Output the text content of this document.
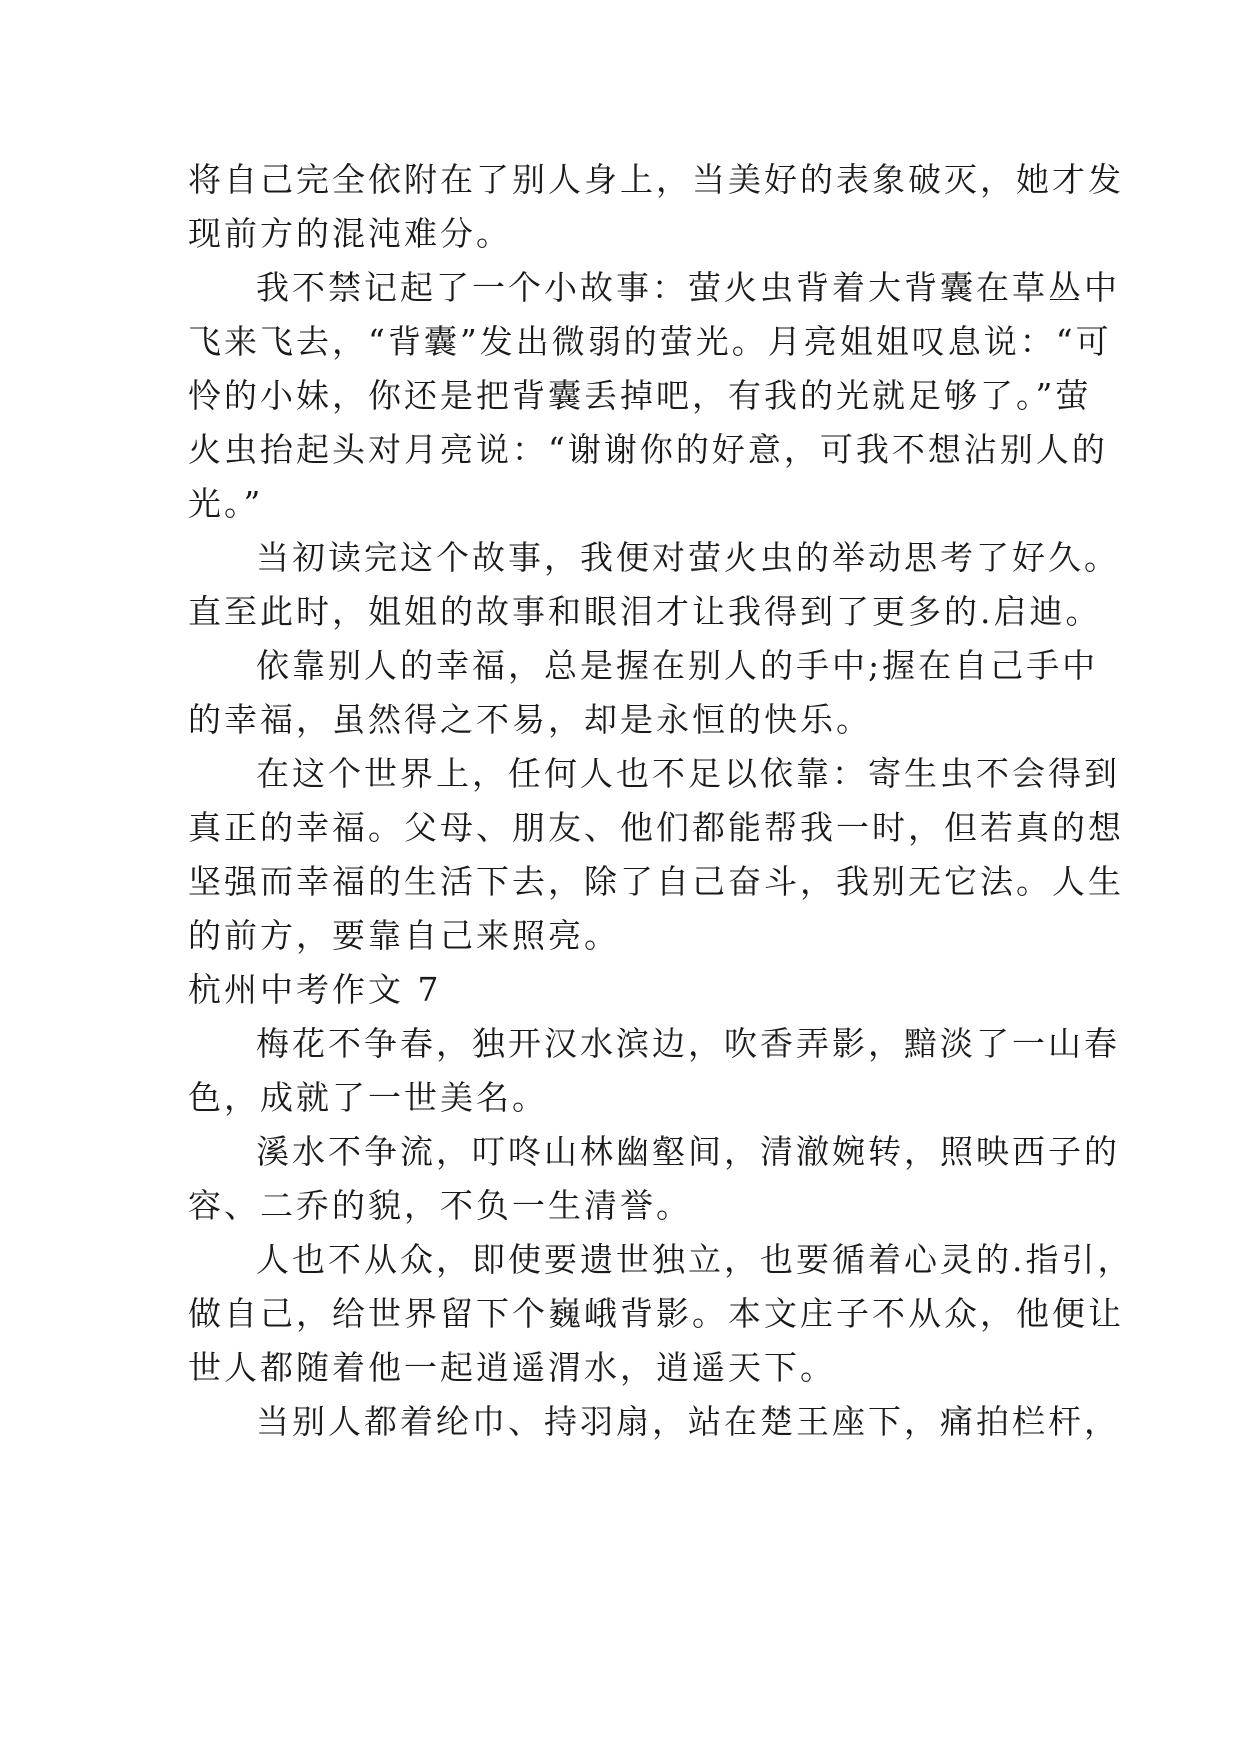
将自己完全依附在了别人身上，当美好的表象破灭，她才发
现前方的混沌难分。
我不禁记起了一个小故事：萤火虫背着大背囊在草丛中
飞来飞去，“背囊”发出微弱的萤光。月亮姐姐叹息说：“可
怜的小妹，你还是把背囊丢掉吧，有我的光就足够了。”萤
火虫抬起头对月亮说：“谢谢你的好意，可我不想沾别人的
光。”
当初读完这个故事，我便对萤火虫的举动思考了好久。
直至此时，姐姐的故事和眼泪才让我得到了更多的.启迪。
依靠别人的幸福，总是握在别人的手中;握在自己手中
的幸福，虽然得之不易，却是永恒的快乐。
在这个世界上，任何人也不足以依靠：寄生虫不会得到
真正的幸福。父母、朋友、他们都能帮我一时，但若真的想
坚强而幸福的生活下去，除了自己奋斗，我别无它法。人生
的前方，要靠自己来照亮。
杭州中考作文 7
梅花不争春，独开汉水滨边，吹香弄影，黯淡了一山春
色，成就了一世美名。
溪水不争流，叮咚山林幽壑间，清澈婉转，照映西子的
容、二乔的貌，不负一生清誉。
人也不从众，即使要遗世独立，也要循着心灵的.指引，
做自己，给世界留下个巍峨背影。本文庄子不从众，他便让
世人都随着他一起逍遥渭水，逍遥天下。
当别人都着纶巾、持羽扇，站在楚王座下，痛拍栏杆，
